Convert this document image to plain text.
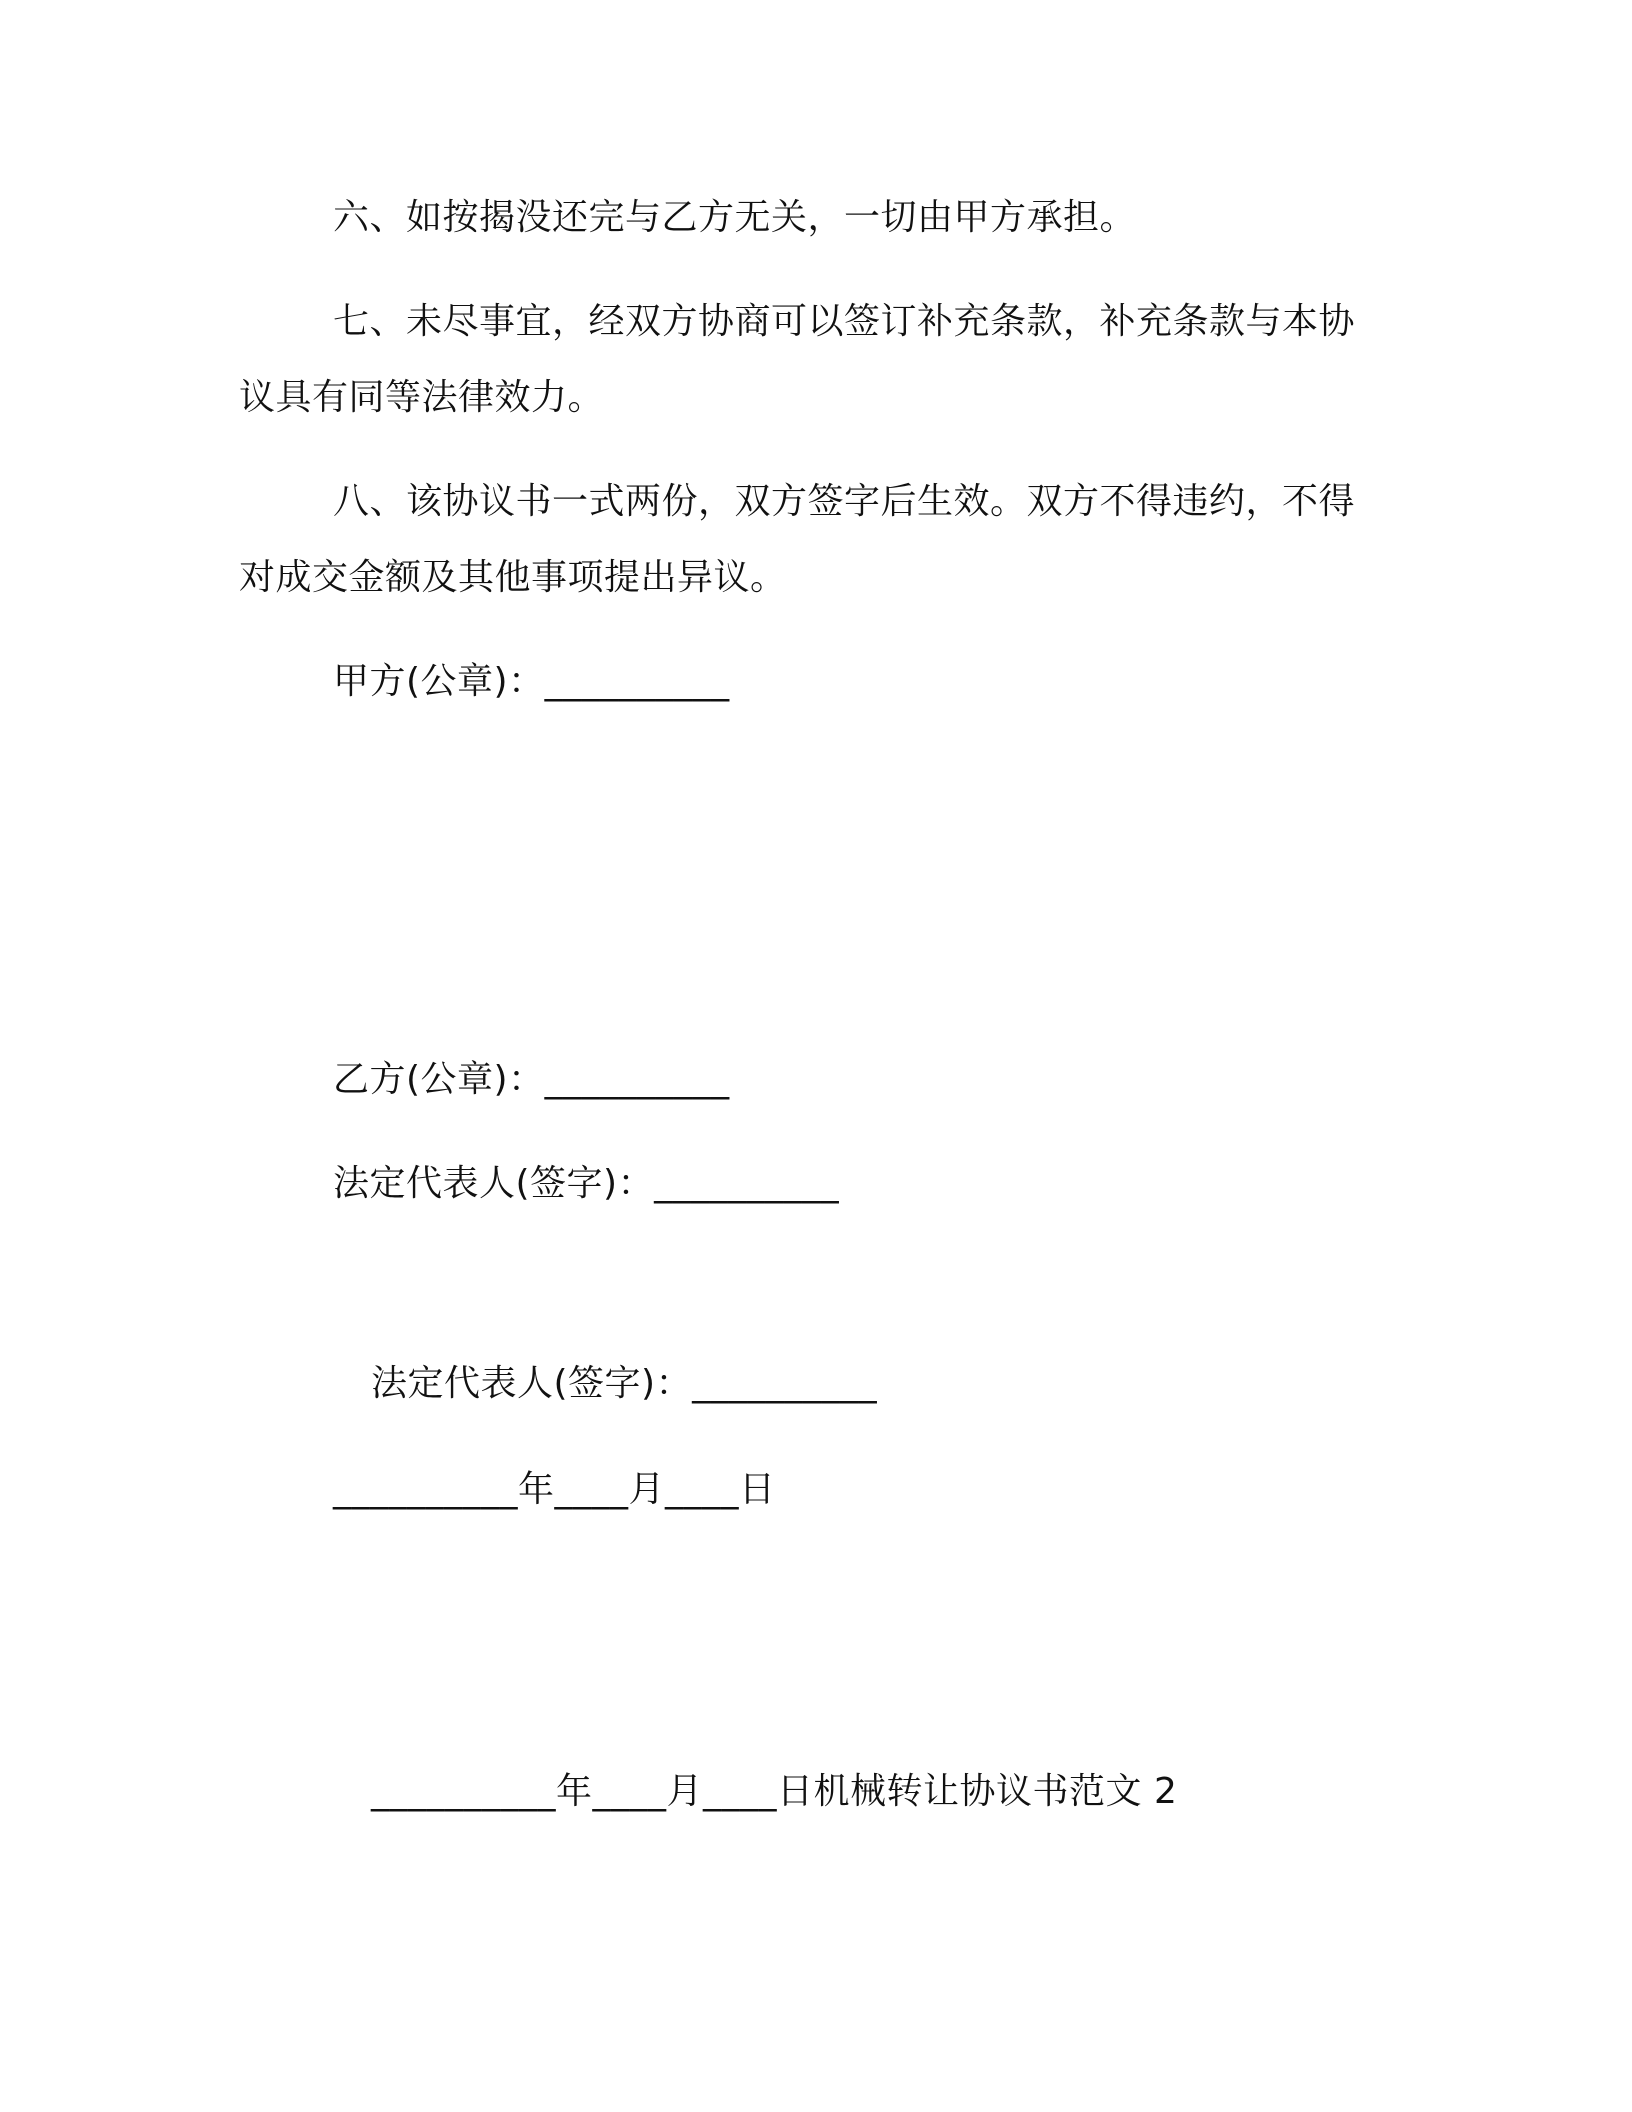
六、如按揭没还完与乙方无关，一切由甲方承担。
七、未尽事宜，经双方协商可以签订补充条款，补充条款与本协
议具有同等法律效力。
八、该协议书一式两份，双方签字后生效。双方不得违约，不得
对成交金额及其他事项提出异议。
甲方(公章)：__________
乙方(公章)：__________
法定代表人(签字)：__________
法定代表人(签字)：__________
__________年____月____日
__________年____月____日机械转让协议书范文 2
